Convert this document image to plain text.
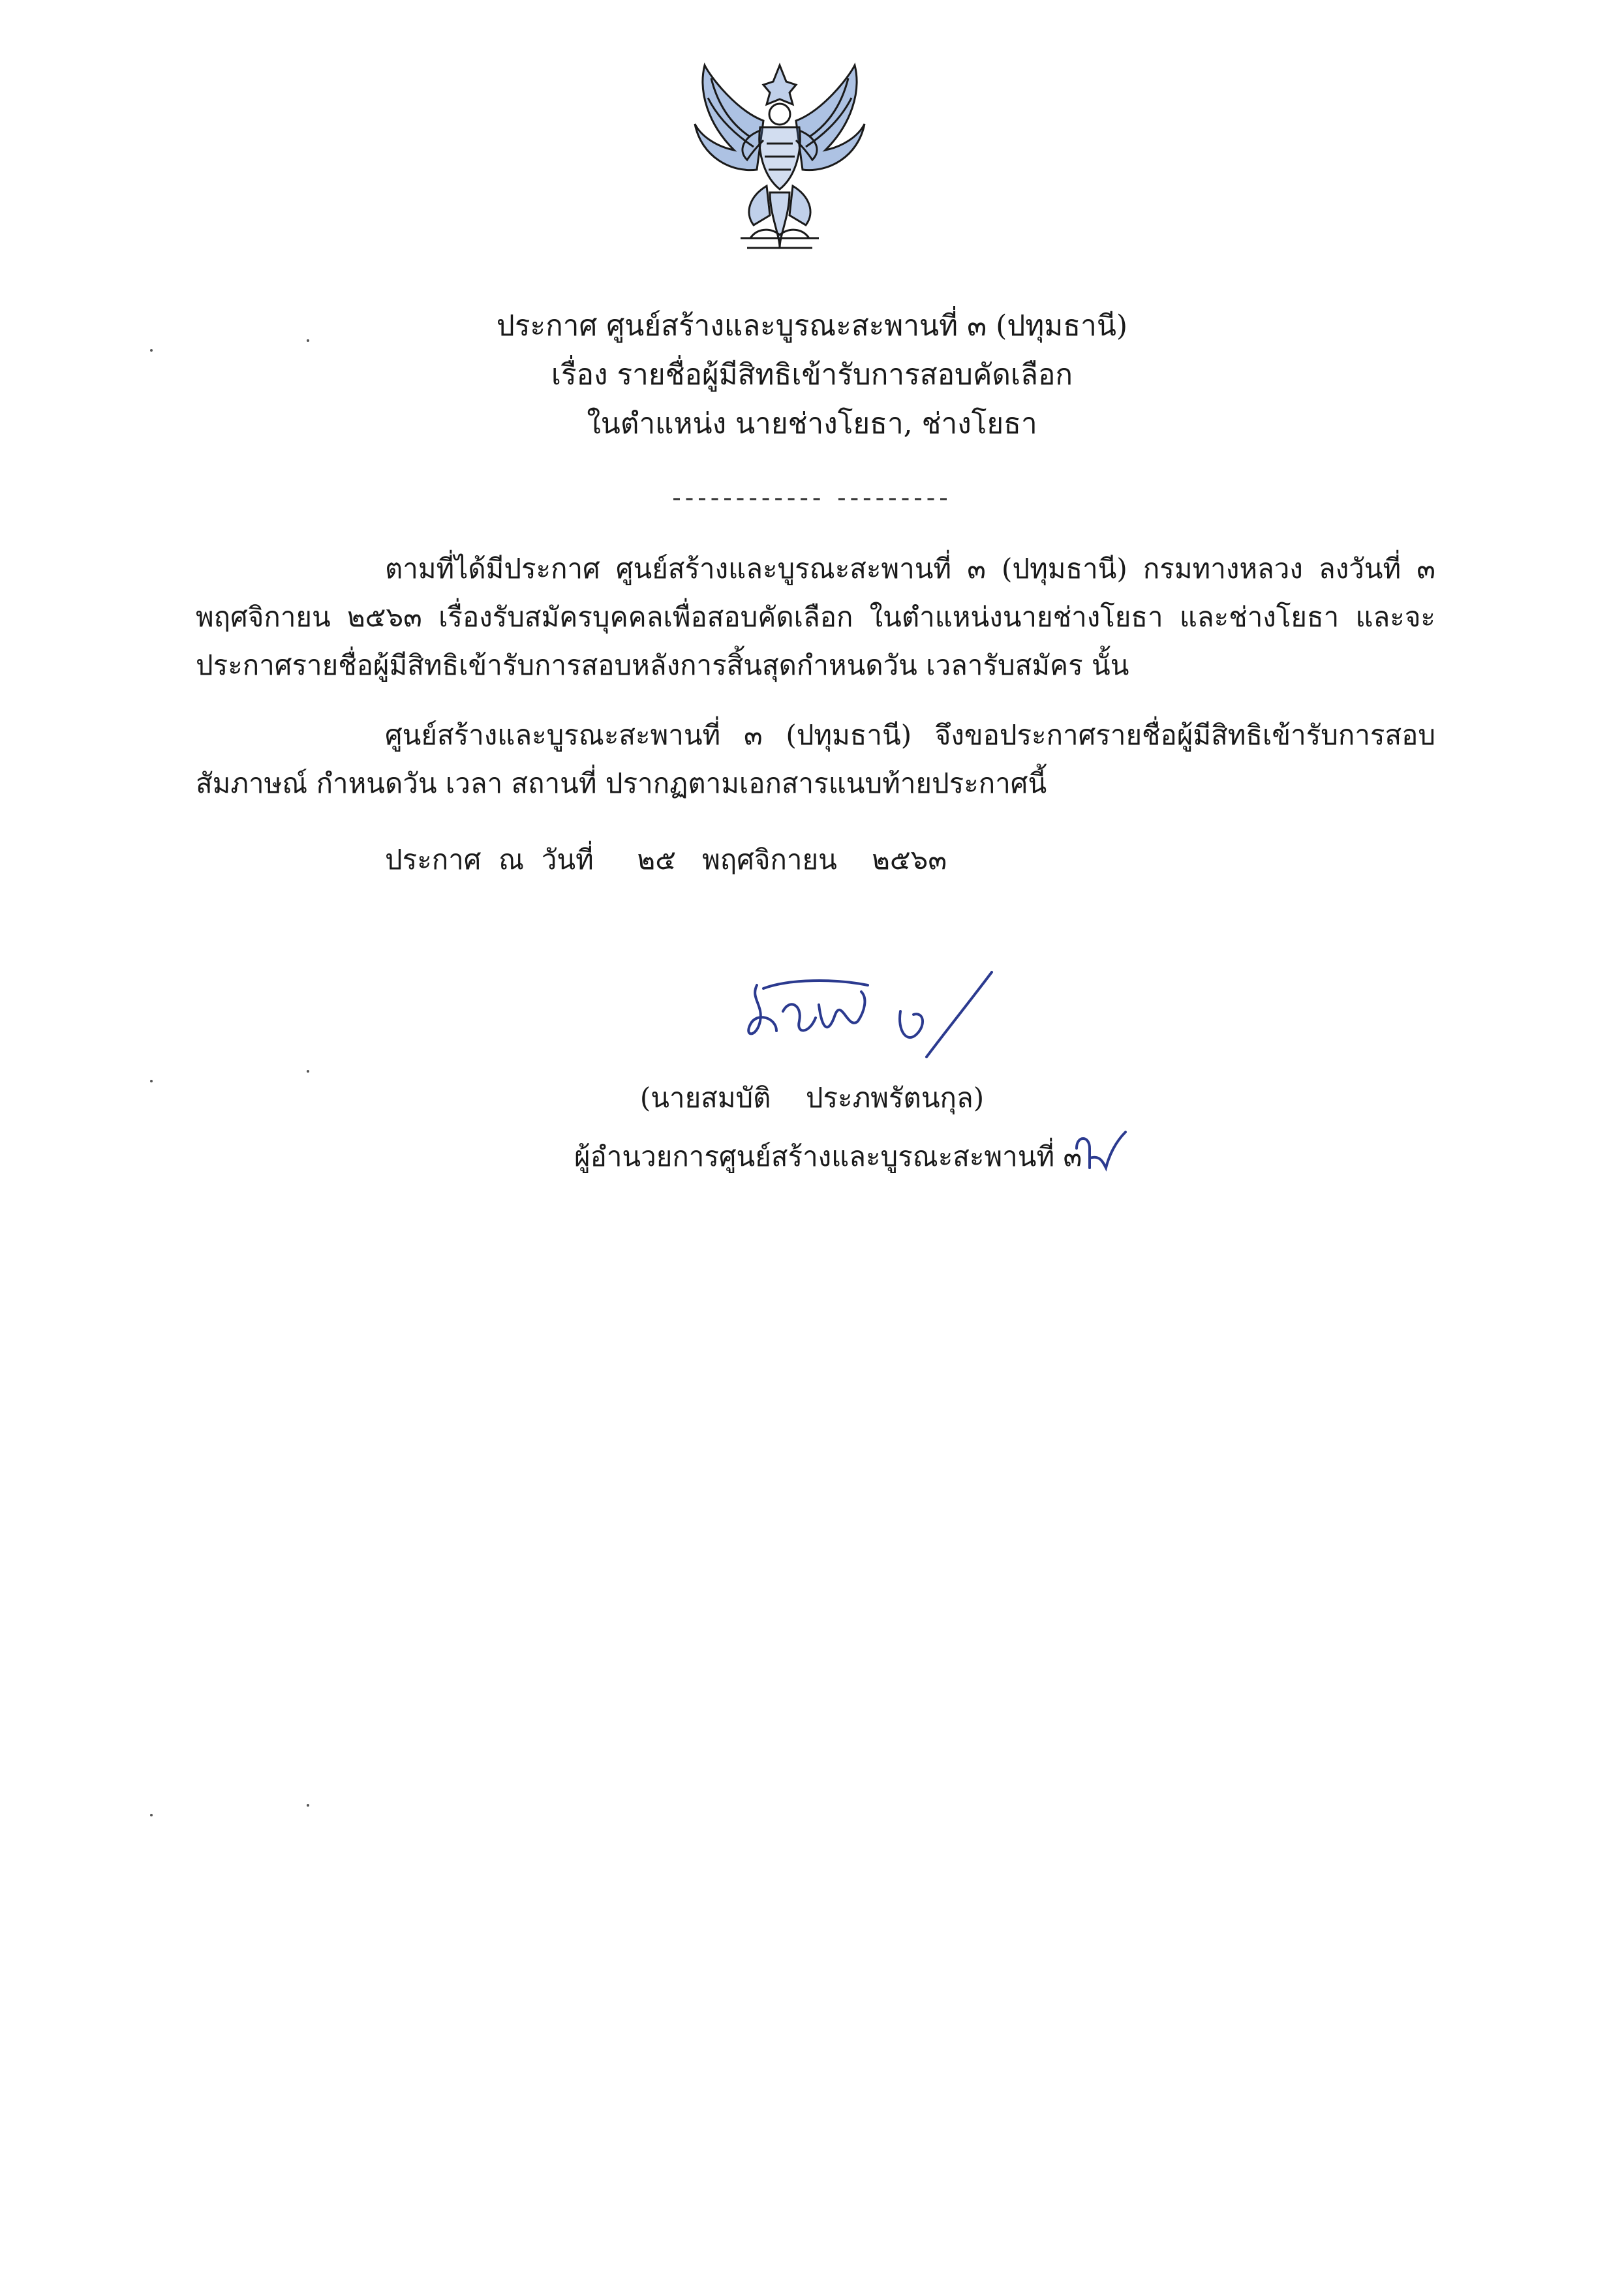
ประกาศ ศูนย์สร้างและบูรณะสะพานที่ ๓ (ปทุมธานี)
เรื่อง รายชื่อผู้มีสิทธิเข้ารับการสอบคัดเลือก
ในตำแหน่ง นายช่างโยธา, ช่างโยธา
------------ ---------
ตามที่ได้มีประกาศ ศูนย์สร้างและบูรณะสะพานที่ ๓ (ปทุมธานี) กรมทางหลวง ลงวันที่ ๓ พฤศจิกายน ๒๕๖๓ เรื่องรับสมัครบุคคลเพื่อสอบคัดเลือก ในตำแหน่งนายช่างโยธา และช่างโยธา และจะประกาศรายชื่อผู้มีสิทธิเข้ารับการสอบหลังการสิ้นสุดกำหนดวัน เวลารับสมัคร นั้น
ศูนย์สร้างและบูรณะสะพานที่ ๓ (ปทุมธานี) จึงขอประกาศรายชื่อผู้มีสิทธิเข้ารับการสอบสัมภาษณ์ กำหนดวัน เวลา สถานที่ ปรากฏตามเอกสารแนบท้ายประกาศนี้
ประกาศ  ณ  วันที่     ๒๕   พฤศจิกายน    ๒๕๖๓
(นายสมบัติ    ประภพรัตนกุล)
ผู้อำนวยการศูนย์สร้างและบูรณะสะพานที่ ๓
